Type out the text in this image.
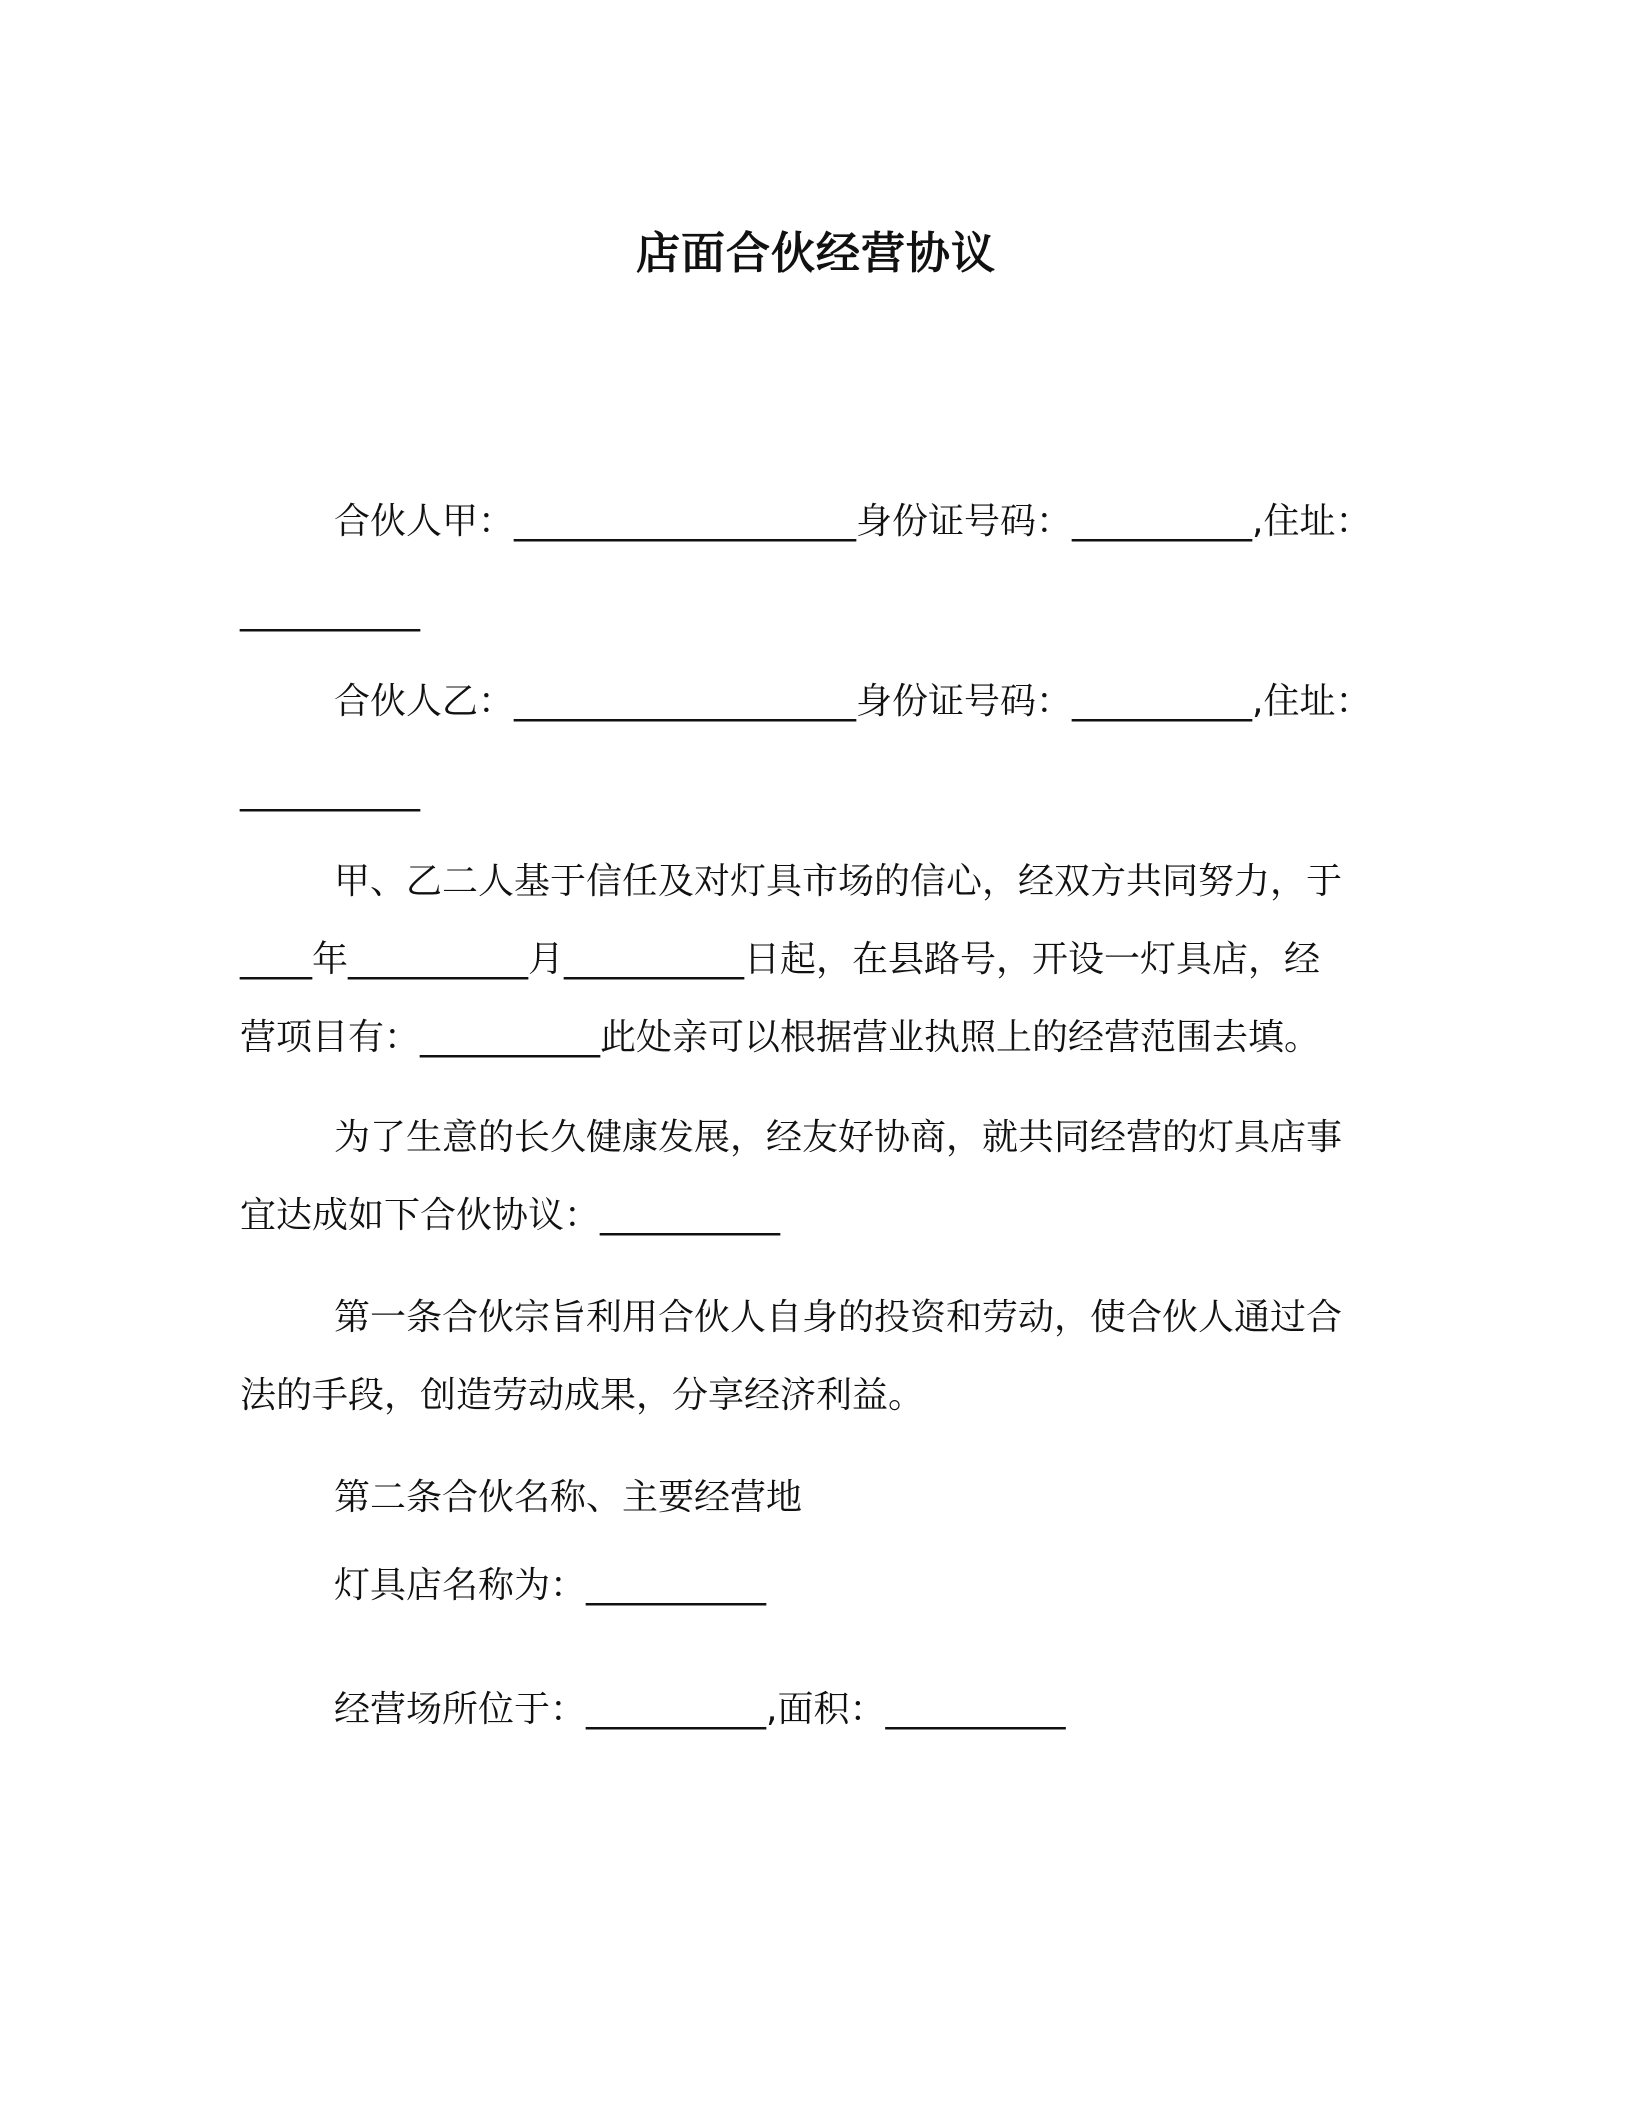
店面合伙经营协议
合伙人甲：___________________身份证号码：__________,住址：
__________
合伙人乙：___________________身份证号码：__________,住址：
__________
甲、乙二人基于信任及对灯具市场的信心，经双方共同努力，于
____年__________月__________日起，在县路号，开设一灯具店，经
营项目有：__________此处亲可以根据营业执照上的经营范围去填。
为了生意的长久健康发展，经友好协商，就共同经营的灯具店事
宜达成如下合伙协议：__________
第一条合伙宗旨利用合伙人自身的投资和劳动，使合伙人通过合
法的手段，创造劳动成果，分享经济利益。
第二条合伙名称、主要经营地
灯具店名称为：__________
经营场所位于：__________,面积：__________
